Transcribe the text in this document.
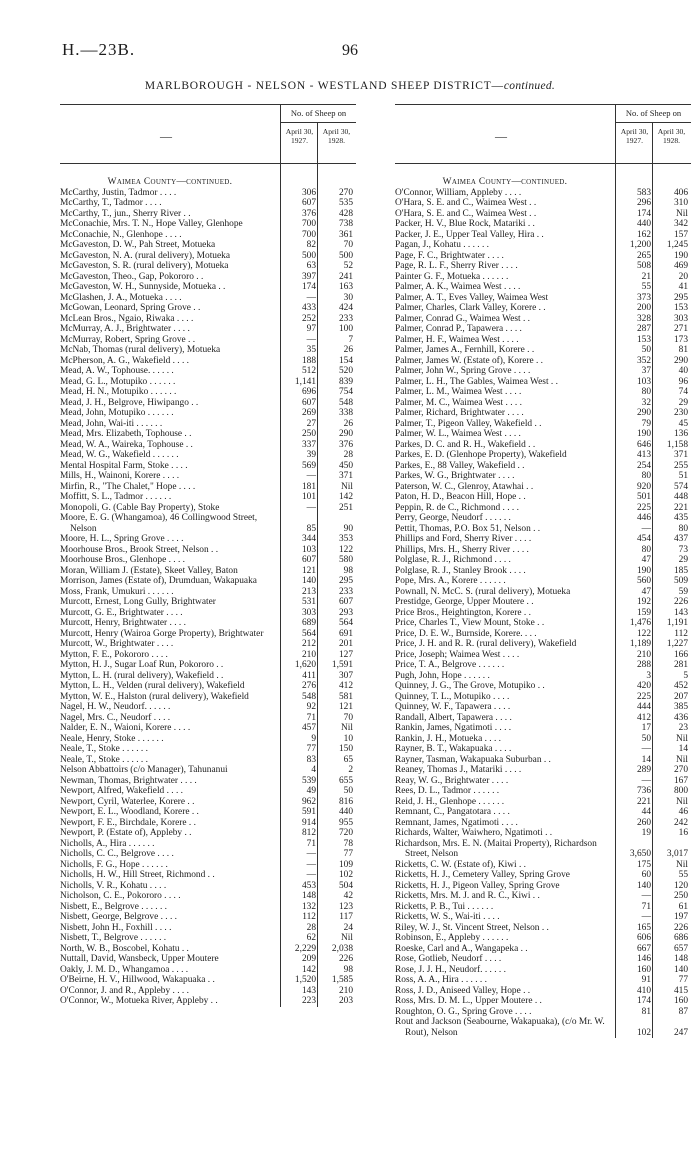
H.—23B.	96
MARLBOROUGH - NELSON - WESTLAND SHEEP DISTRICT—continued.
—
No. of Sheep on
April 30, 1927.
April 30, 1928.
Waimea County—continued.
McCarthy, Justin, Tadmor . . . .	306	270
McCarthy, T., Tadmor . . . .	607	535
McCarthy, T., jun., Sherry River . .	376	428
McConachie, Mrs. T. N., Hope Valley, Glenhope	700	738
McConachie, N., Glenhope . . . .	700	361
McGaveston, D. W., Pah Street, Motueka	82	70
McGaveston, N. A. (rural delivery), Motueka	500	500
McGaveston, S. R. (rural delivery), Motueka	63	52
McGaveston, Theo., Gap, Pokororo . .	397	241
McGaveston, W. H., Sunnyside, Motueka . .	174	163
McGlashen, J. A., Motueka . . . .	—	30
McGowan, Leonard, Spring Grove . .	433	424
McLean Bros., Ngaio, Riwaka . . . .	252	233
McMurray, A. J., Brightwater . . . .	97	100
McMurray, Robert, Spring Grove . .	—	7
McNab, Thomas (rural delivery), Motueka	35	26
McPherson, A. G., Wakefield . . . .	188	154
Mead, A. W., Tophouse. . . . . .	512	520
Mead, G. L., Motupiko . . . . . .	1,141	839
Mead, H. N., Motupiko . . . . . .	696	754
Mead, J. H., Belgrove, Hiwipango . .	607	548
Mead, John, Motupiko . . . . . .	269	338
Mead, John, Wai-iti . . . . . .	27	26
Mead, Mrs. Elizabeth, Tophouse . .	250	290
Mead, W. A., Waireka, Tophouse . .	337	376
Mead, W. G., Wakefield . . . . . .	39	28
Mental Hospital Farm, Stoke . . . .	569	450
Mills, H., Wainoni, Korere . . . .	—	371
Mirfin, R., "The Chalet," Hope . . . .	181	Nil
Moffitt, S. L., Tadmor . . . . . .	101	142
Monopoli, G. (Cable Bay Property), Stoke	—	251
Moore, E. G. (Whangamoa), 46 Collingwood Street, Nelson	85	90
Moore, H. L., Spring Grove . . . .	344	353
Moorhouse Bros., Brook Street, Nelson . .	103	122
Moorhouse Bros., Glenhope . . . .	607	580
Moran, William J. (Estate), Skeet Valley, Baton	121	98
Morrison, James (Estate of), Drumduan, Wakapuaka	140	295
Moss, Frank, Umukuri . . . . . .	213	233
Murcott, Ernest, Long Gully, Brightwater	531	607
Murcott, G. E., Brightwater . . . .	303	293
Murcott, Henry, Brightwater . . . .	689	564
Murcott, Henry (Wairoa Gorge Property), Brightwater	564	691
Murcott, W., Brightwater . . . .	212	201
Mytton, F. E., Pokororo . . . .	210	127
Mytton, H. J., Sugar Loaf Run, Pokororo . .	1,620	1,591
Mytton, L. H. (rural delivery), Wakefield . .	411	307
Mytton, L. H., Velden (rural delivery), Wakefield	276	412
Mytton, W. E., Halston (rural delivery), Wakefield	548	581
Nagel, H. W., Neudorf. . . . . .	92	121
Nagel, Mrs. C., Neudorf . . . .	71	70
Nalder, E. N., Waioni, Korere . . . .	457	Nil
Neale, Henry, Stoke . . . . . .	9	10
Neale, T., Stoke . . . . . .	77	150
Neale, T., Stoke . . . . . .	83	65
Nelson Abbattoirs (c/o Manager), Tahunanui	4	2
Newman, Thomas, Brightwater . . . .	539	655
Newport, Alfred, Wakefield . . . .	49	50
Newport, Cyril, Waterlee, Korere . .	962	816
Newport, E. L., Woodland, Korere . .	591	440
Newport, F. E., Birchdale, Korere . .	914	955
Newport, P. (Estate of), Appleby . .	812	720
Nicholls, A., Hira . . . . . .	71	78
Nicholls, C. C., Belgrove . . . .	—	77
Nicholls, F. G., Hope . . . . . .	—	109
Nicholls, H. W., Hill Street, Richmond . .	—	102
Nicholls, V. R., Kohatu . . . .	453	504
Nicholson, C. E., Pokororo . . . .	148	42
Nisbett, E., Belgrove . . . . . .	132	123
Nisbett, George, Belgrove . . . .	112	117
Nisbett, John H., Foxhill . . . .	28	24
Nisbett, T., Belgrove . . . . . .	62	Nil
North, W. B., Boscobel, Kohatu . .	2,229	2,038
Nuttall, David, Wansbeck, Upper Moutere	209	226
Oakly, J. M. D., Whangamoa . . . .	142	98
O'Beirne, H. V., Hillwood, Wakapuaka . .	1,520	1,585
O'Connor, J. and R., Appleby . . . .	143	210
O'Connor, W., Motueka River, Appleby . .	223	203
—
No. of Sheep on
April 30, 1927.
April 30, 1928.
Waimea County—continued.
O'Connor, William, Appleby . . . .	583	406
O'Hara, S. E. and C., Waimea West . .	296	310
O'Hara, S. E. and C., Waimea West . .	174	Nil
Packer, H. V., Blue Rock, Matariki . .	440	342
Packer, J. E., Upper Teal Valley, Hira . .	162	157
Pagan, J., Kohatu . . . . . .	1,200	1,245
Page, F. C., Brightwater . . . .	265	190
Page, R. L. F., Sherry River . . . .	508	469
Painter G. F., Motueka . . . . . .	21	20
Palmer, A. K., Waimea West . . . .	55	41
Palmer, A. T., Eves Valley, Waimea West	373	295
Palmer, Charles, Clark Valley, Korere . .	200	153
Palmer, Conrad G., Waimea West . .	328	303
Palmer, Conrad P., Tapawera . . . .	287	271
Palmer, H. F., Waimea West . . . .	153	173
Palmer, James A., Fernhill, Korere . .	50	81
Palmer, James W. (Estate of), Korere . .	352	290
Palmer, John W., Spring Grove . . . .	37	40
Palmer, L. H., The Gables, Waimea West . .	103	96
Palmer, L. M., Waimea West . . . .	80	74
Palmer, M. C., Waimea West . . . .	32	29
Palmer, Richard, Brightwater . . . .	290	230
Palmer, T., Pigeon Valley, Wakefield . .	79	45
Palmer, W. L., Waimea West . . . .	190	136
Parkes, D. C. and R. H., Wakefield . .	646	1,158
Parkes, E. D. (Glenhope Property), Wakefield	413	371
Parkes, E., 88 Valley, Wakefield . .	254	255
Parkes, W. G., Brightwater . . . .	80	51
Paterson, W. C., Glenroy, Atawhai . .	920	574
Paton, H. D., Beacon Hill, Hope . .	501	448
Peppin, R. de C., Richmond . . . .	225	221
Perry, George, Neudorf . . . . . .	446	435
Pettit, Thomas, P.O. Box 51, Nelson . .	—	80
Phillips and Ford, Sherry River . . . .	454	437
Phillips, Mrs. H., Sherry River . . . .	80	73
Polglase, R. J., Richmond . . . .	47	29
Polglase, R. J., Stanley Brook . . . .	190	185
Pope, Mrs. A., Korere . . . . . .	560	509
Pownall, N. McC. S. (rural delivery), Motueka	47	59
Prestidge, George, Upper Moutere . .	192	226
Price Bros., Heightington, Korere . .	159	143
Price, Charles T., View Mount, Stoke . .	1,476	1,191
Price, D. E. W., Burnside, Korere. . . .	122	112
Price, J. H. and R. R. (rural delivery), Wakefield	1,189	1,227
Price, Joseph; Waimea West . . . .	210	166
Price, T. A., Belgrove . . . . . .	288	281
Pugh, John, Hope . . . . . .	3	5
Quinney, J. G., The Grove, Motupiko . .	420	452
Quinney, T. L., Motupiko . . . .	225	207
Quinney, W. F., Tapawera . . . .	444	385
Randall, Albert, Tapawera . . . .	412	436
Rankin, James, Ngatimoti . . . .	17	23
Rankin, J. H., Motueka . . . .	50	Nil
Rayner, B. T., Wakapuaka . . . .	—	14
Rayner, Tasman, Wakapuaka Suburban . .	14	Nil
Reaney, Thomas J., Matariki . . . .	289	270
Reay, W. G., Brightwater . . . .	—	167
Rees, D. L., Tadmor . . . . . .	736	800
Reid, J. H., Glenhope . . . . . .	221	Nil
Remnant, C., Pangatotara . . . .	44	46
Remnant, James, Ngatimoti . . . .	260	242
Richards, Walter, Waiwhero, Ngatimoti . .	19	16
Richardson, Mrs. E. N. (Maitai Property), Richardson Street, Nelson	3,650	3,017
Ricketts, C. W. (Estate of), Kiwi . .	175	Nil
Ricketts, H. J., Cemetery Valley, Spring Grove	60	55
Ricketts, H. J., Pigeon Valley, Spring Grove	140	120
Ricketts, Mrs. M. J. and R. C., Kiwi . .	—	250
Ricketts, P. B., Tui . . . . . .	71	61
Ricketts, W. S., Wai-iti . . . .	—	197
Riley, W. J., St. Vincent Street, Nelson . .	165	226
Robinson, E., Appleby . . . . . .	606	686
Roeske, Carl and A., Wangapeka . .	667	657
Rose, Gotlieb, Neudorf . . . .	146	148
Rose, J. J. H., Neudorf. . . . . .	160	140
Ross, A. A., Hira . . . . . .	91	77
Ross, J. D., Aniseed Valley, Hope . .	410	415
Ross, Mrs. D. M. L., Upper Moutere . .	174	160
Roughton, O. G., Spring Grove . . . .	81	87
Rout and Jackson (Seabourne, Wakapuaka), (c/o Mr. W. Rout), Nelson	102	247
